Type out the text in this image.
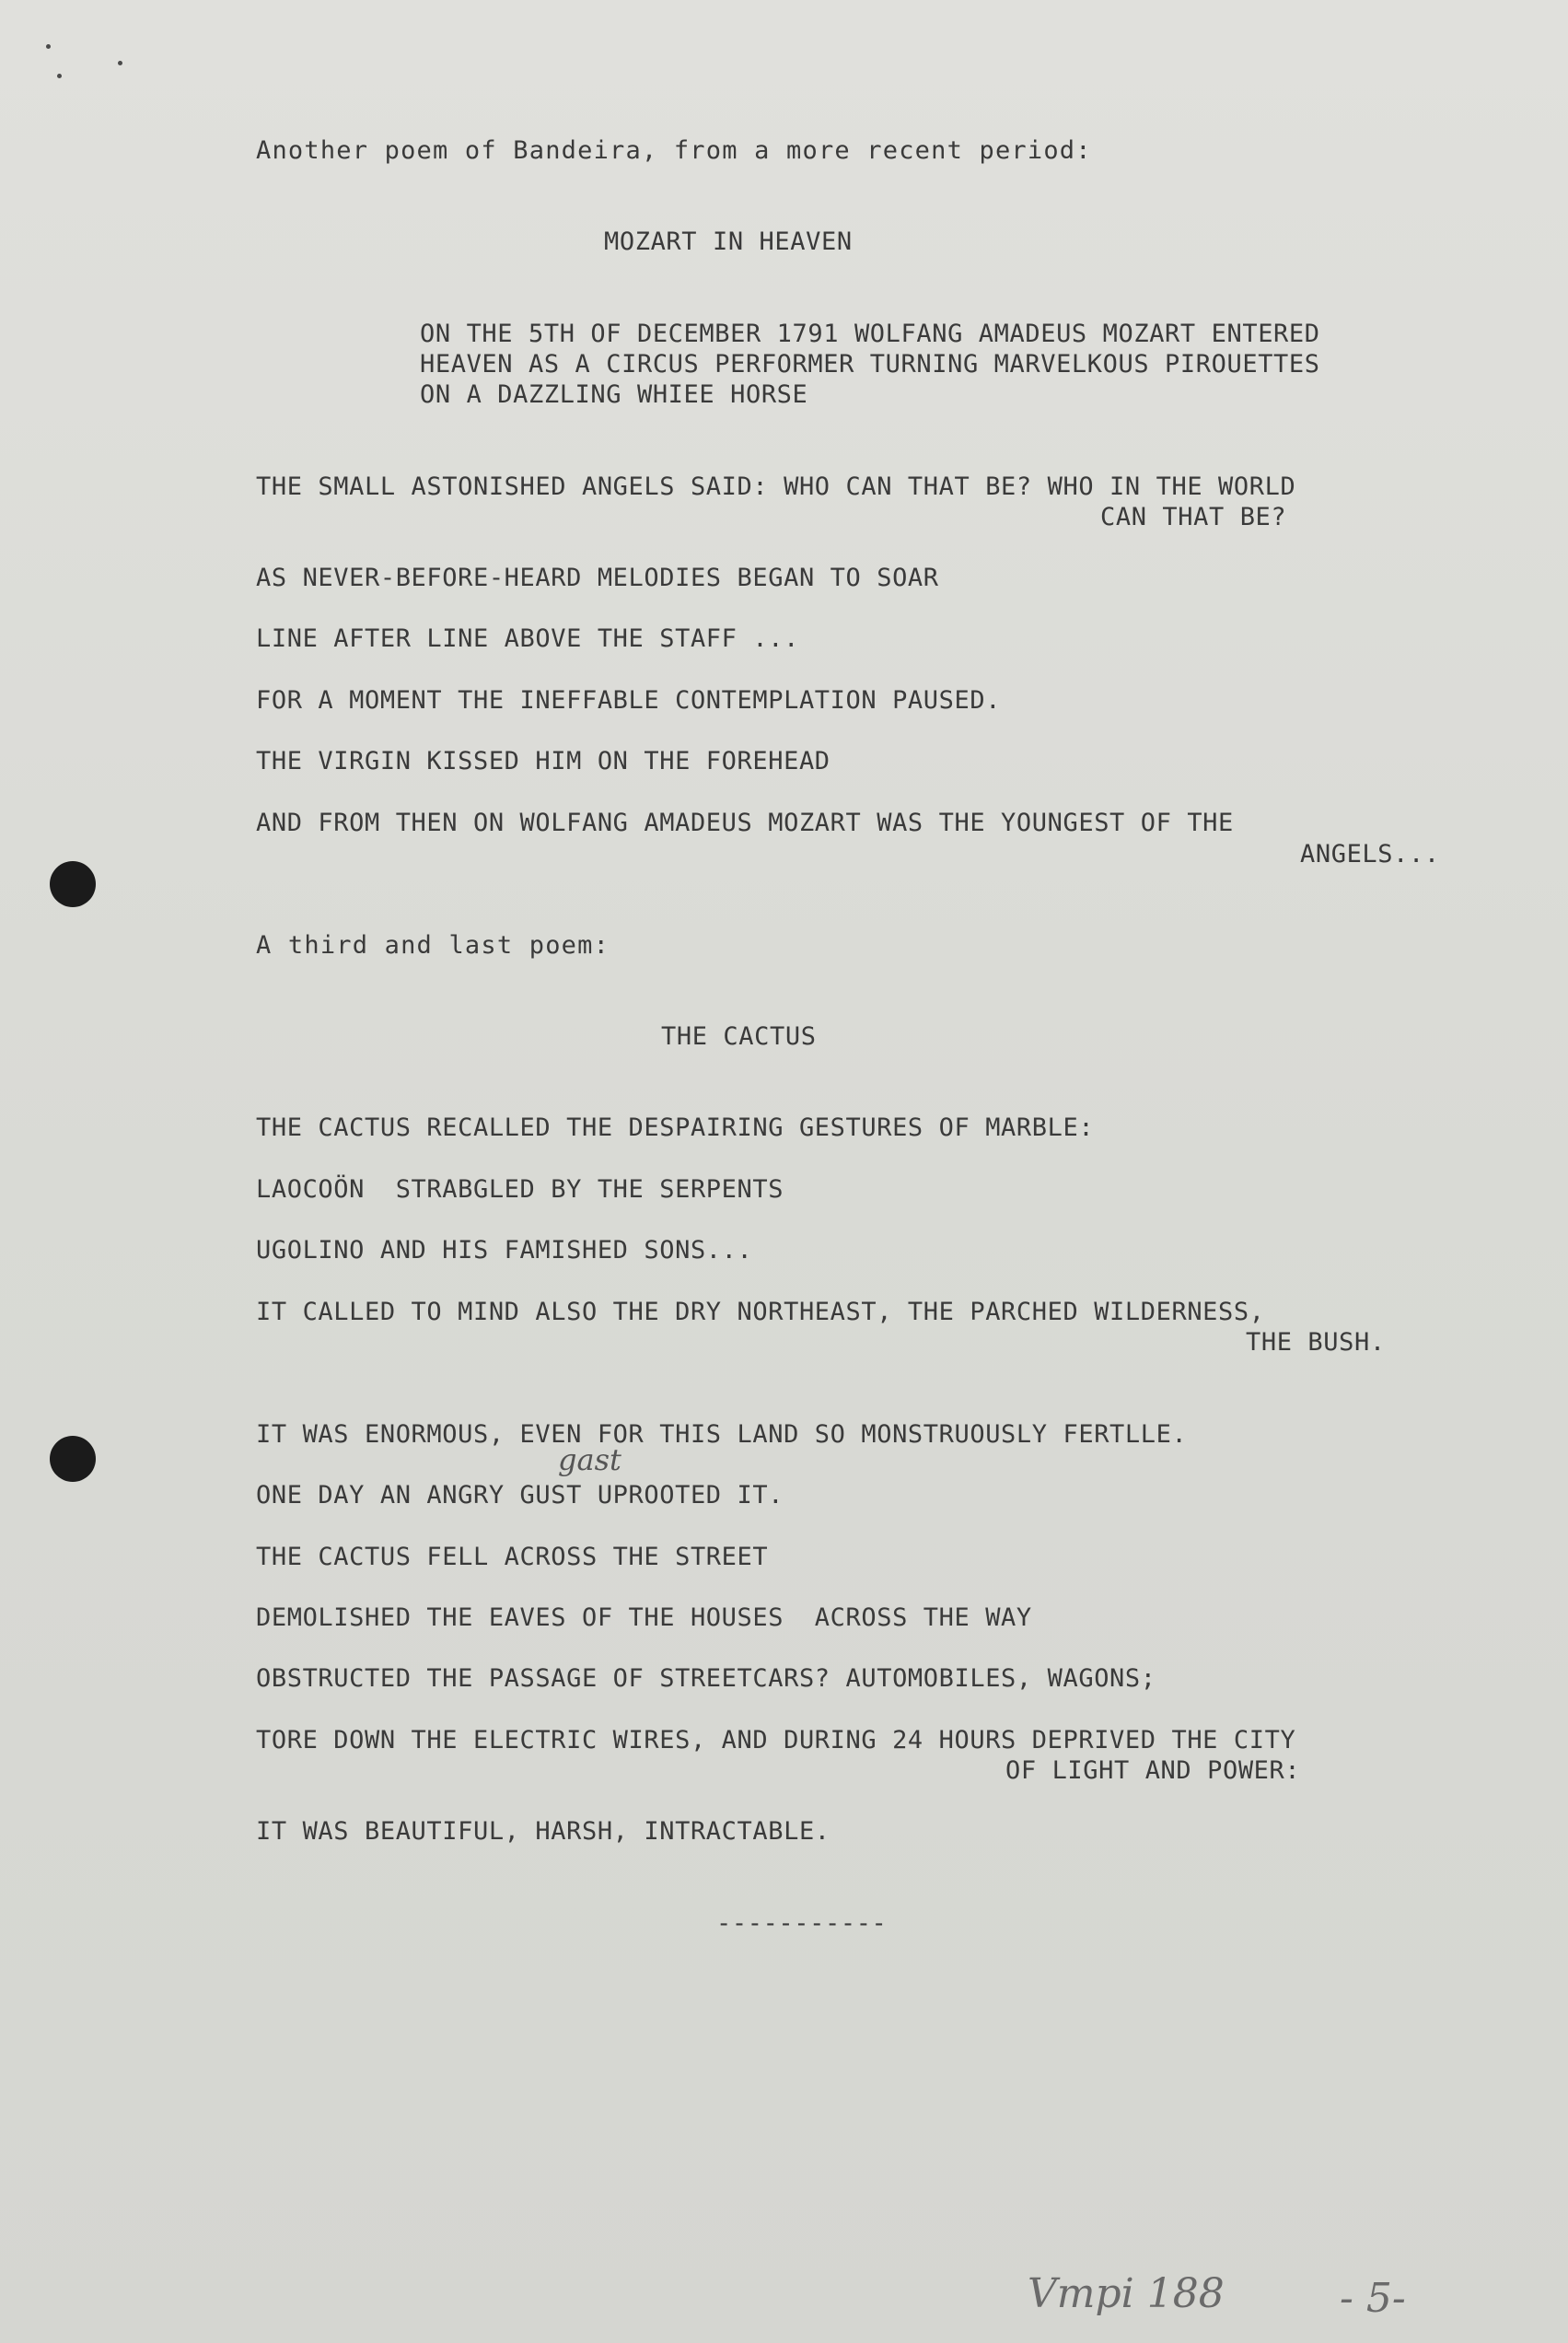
Another poem of Bandeira, from a more recent period:
MOZART IN HEAVEN
ON THE 5TH OF DECEMBER 1791 WOLFANG AMADEUS MOZART ENTERED
HEAVEN AS A CIRCUS PERFORMER TURNING MARVELKOUS PIROUETTES
ON A DAZZLING WHIEE HORSE
THE SMALL ASTONISHED ANGELS SAID: WHO CAN THAT BE? WHO IN THE WORLD
CAN THAT BE?
AS NEVER-BEFORE-HEARD MELODIES BEGAN TO SOAR
LINE AFTER LINE ABOVE THE STAFF ...
FOR A MOMENT THE INEFFABLE CONTEMPLATION PAUSED.
THE VIRGIN KISSED HIM ON THE FOREHEAD
AND FROM THEN ON WOLFANG AMADEUS MOZART WAS THE YOUNGEST OF THE
ANGELS...
A third and last poem:
THE CACTUS
THE CACTUS RECALLED THE DESPAIRING GESTURES OF MARBLE:
LAOCOÖN  STRABGLED BY THE SERPENTS
UGOLINO AND HIS FAMISHED SONS...
IT CALLED TO MIND ALSO THE DRY NORTHEAST, THE PARCHED WILDERNESS,
THE BUSH.
IT WAS ENORMOUS, EVEN FOR THIS LAND SO MONSTRUOUSLY FERTLLE.
gast
ONE DAY AN ANGRY GUST UPROOTED IT.
THE CACTUS FELL ACROSS THE STREET
DEMOLISHED THE EAVES OF THE HOUSES  ACROSS THE WAY
OBSTRUCTED THE PASSAGE OF STREETCARS? AUTOMOBILES, WAGONS;
TORE DOWN THE ELECTRIC WIRES, AND DURING 24 HOURS DEPRIVED THE CITY
OF LIGHT AND POWER:
IT WAS BEAUTIFUL, HARSH, INTRACTABLE.
-----------
Vmpi 188	- 5-
